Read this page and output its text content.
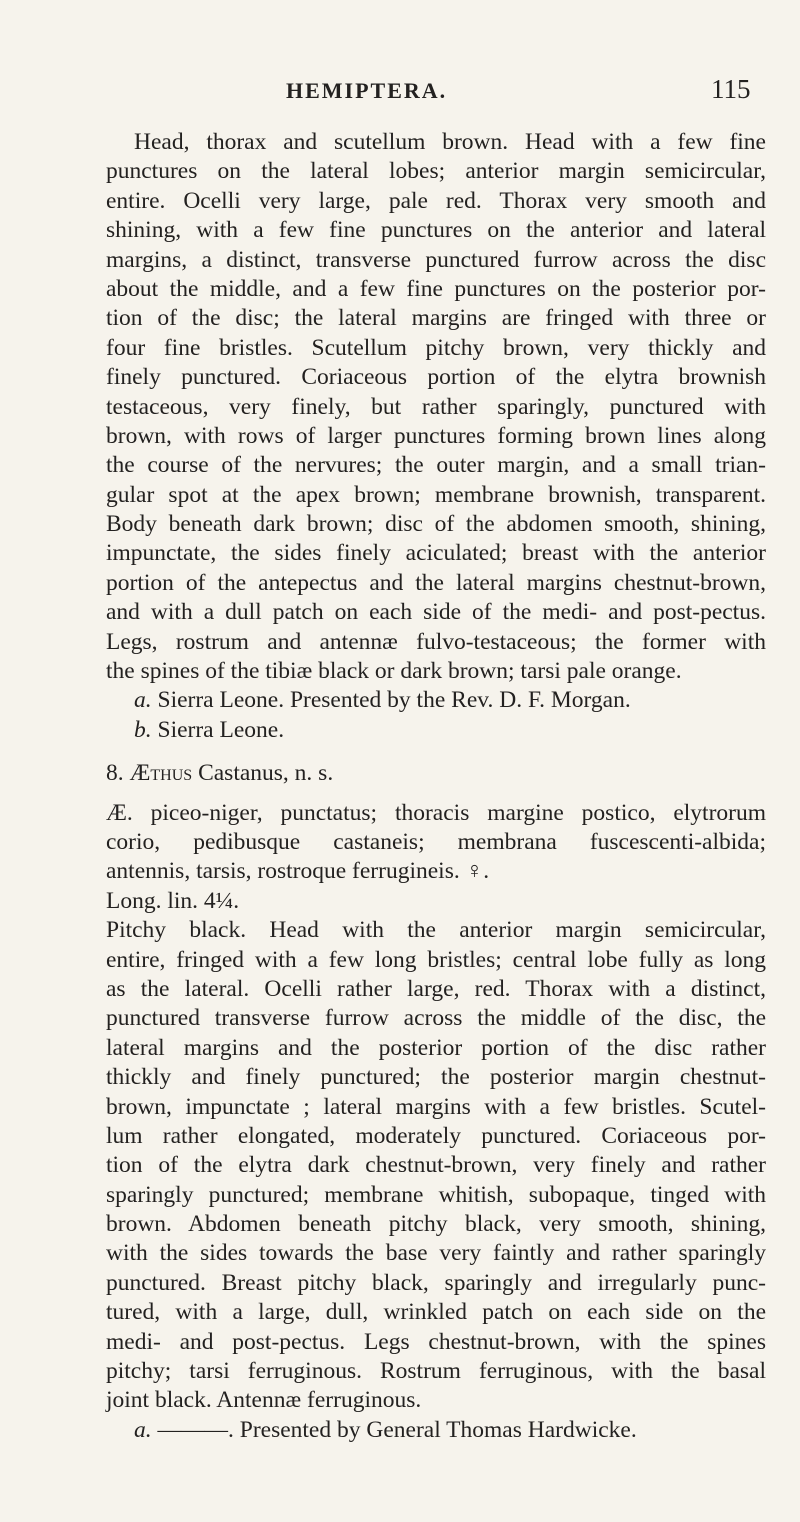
HEMIPTERA.	115
Head, thorax and scutellum brown. Head with a few fine
punctures on the lateral lobes; anterior margin semicircular,
entire. Ocelli very large, pale red. Thorax very smooth and
shining, with a few fine punctures on the anterior and lateral
margins, a distinct, transverse punctured furrow across the disc
about the middle, and a few fine punctures on the posterior por-
tion of the disc; the lateral margins are fringed with three or
four fine bristles. Scutellum pitchy brown, very thickly and
finely punctured. Coriaceous portion of the elytra brownish
testaceous, very finely, but rather sparingly, punctured with
brown, with rows of larger punctures forming brown lines along
the course of the nervures; the outer margin, and a small trian-
gular spot at the apex brown; membrane brownish, transparent.
Body beneath dark brown; disc of the abdomen smooth, shining,
impunctate, the sides finely aciculated; breast with the anterior
portion of the antepectus and the lateral margins chestnut-brown,
and with a dull patch on each side of the medi- and post-pectus.
Legs, rostrum and antennæ fulvo-testaceous; the former with
the spines of the tibiæ black or dark brown; tarsi pale orange.
a. Sierra Leone. Presented by the Rev. D. F. Morgan.
b. Sierra Leone.
8. Æthus Castanus, n. s.
Æ. piceo-niger, punctatus; thoracis margine postico, elytrorum
corio, pedibusque castaneis; membrana fuscescenti-albida;
antennis, tarsis, rostroque ferrugineis. ♀.
Long. lin. 4¼.
Pitchy black. Head with the anterior margin semicircular,
entire, fringed with a few long bristles; central lobe fully as long
as the lateral. Ocelli rather large, red. Thorax with a distinct,
punctured transverse furrow across the middle of the disc, the
lateral margins and the posterior portion of the disc rather
thickly and finely punctured; the posterior margin chestnut-
brown, impunctate ; lateral margins with a few bristles. Scutel-
lum rather elongated, moderately punctured. Coriaceous por-
tion of the elytra dark chestnut-brown, very finely and rather
sparingly punctured; membrane whitish, subopaque, tinged with
brown. Abdomen beneath pitchy black, very smooth, shining,
with the sides towards the base very faintly and rather sparingly
punctured. Breast pitchy black, sparingly and irregularly punc-
tured, with a large, dull, wrinkled patch on each side on the
medi- and post-pectus. Legs chestnut-brown, with the spines
pitchy; tarsi ferruginous. Rostrum ferruginous, with the basal
joint black. Antennæ ferruginous.
a. ———. Presented by General Thomas Hardwicke.
